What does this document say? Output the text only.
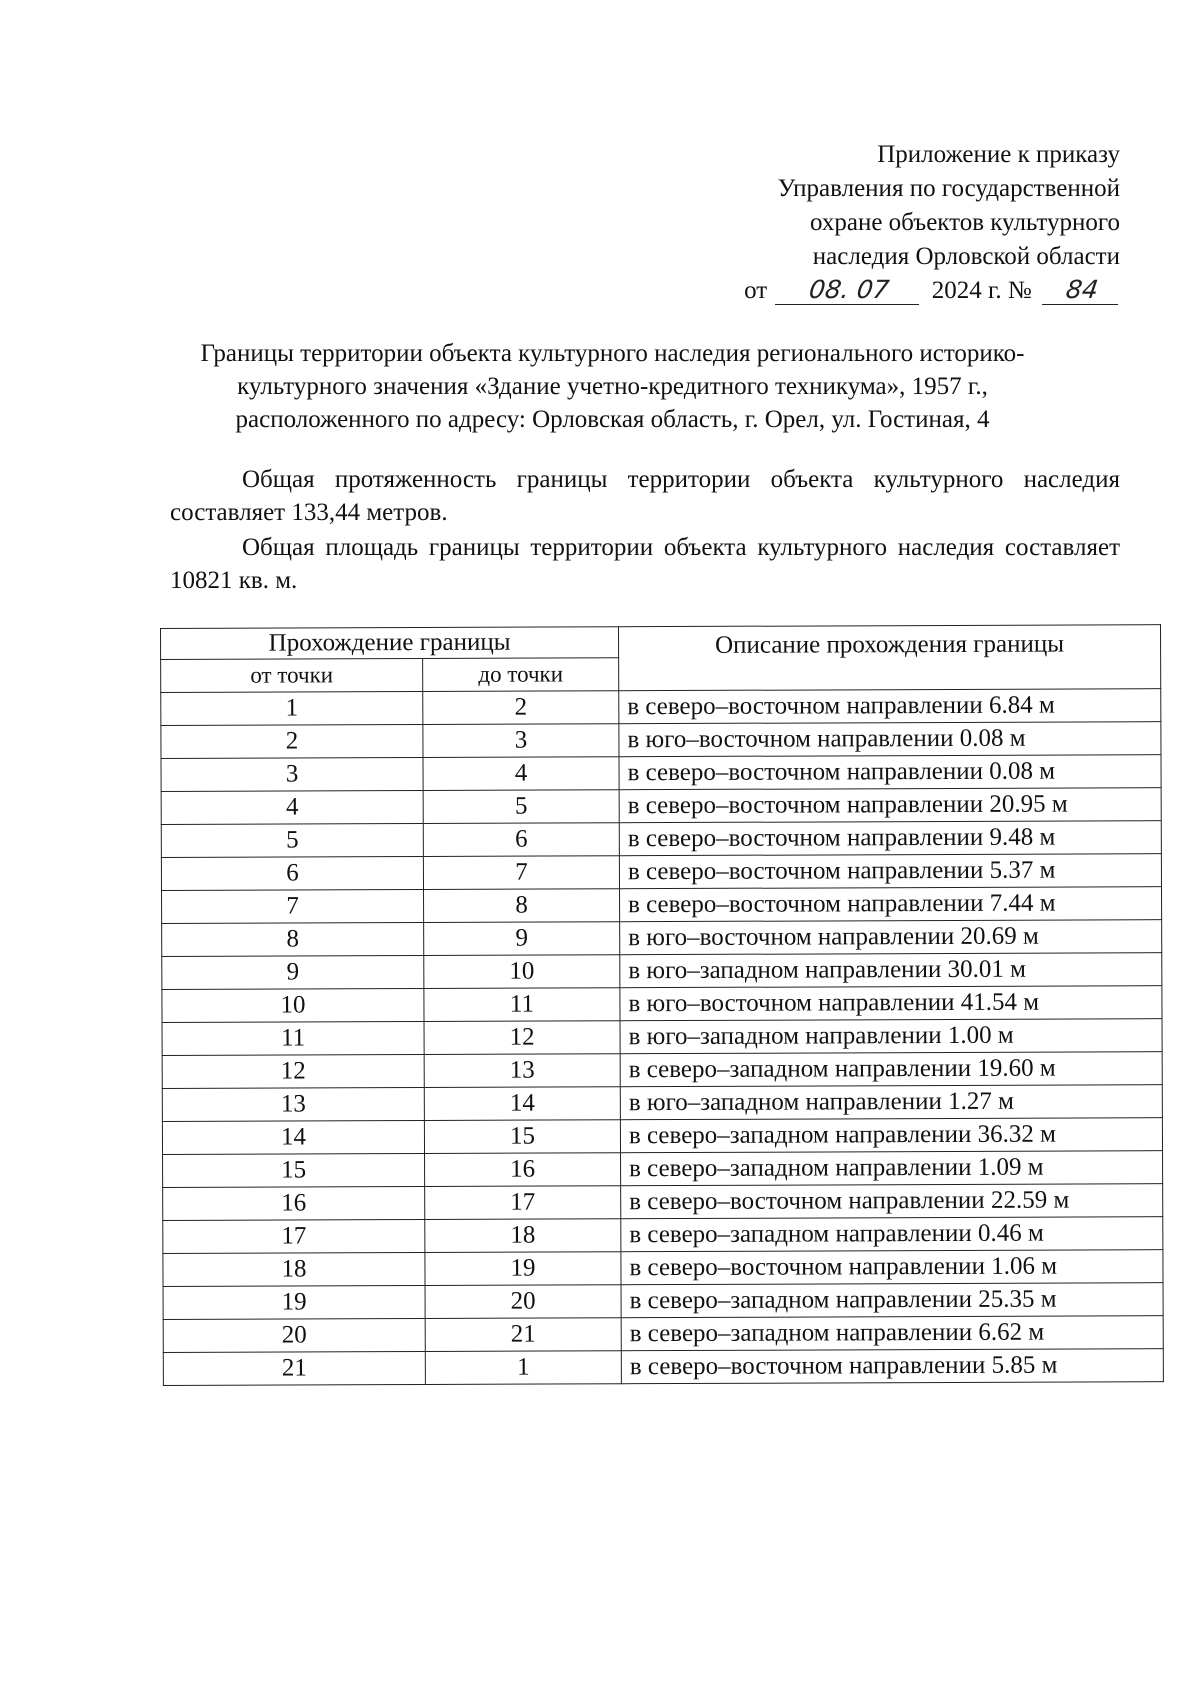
Приложение к приказу
Управления по государственной
охране объектов культурного
наследия Орловской области
от 08. 07 2024 г. № 84
Границы территории объекта культурного наследия регионального историко-
культурного значения «Здание учетно-кредитного техникума», 1957 г.,
расположенного по адресу: Орловская область, г. Орел, ул. Гостиная, 4
Общая протяженность границы территории объекта культурного наследия составляет 133,44 метров.
Общая площадь границы территории объекта культурного наследия составляет 10821 кв. м.
Прохождение границы		Описание прохождения границы
от точки	до точки	
1	2	в северо–восточном направлении 6.84 м
2	3	в юго–восточном направлении 0.08 м
3	4	в северо–восточном направлении 0.08 м
4	5	в северо–восточном направлении 20.95 м
5	6	в северо–восточном направлении 9.48 м
6	7	в северо–восточном направлении 5.37 м
7	8	в северо–восточном направлении 7.44 м
8	9	в юго–восточном направлении 20.69 м
9	10	в юго–западном направлении 30.01 м
10	11	в юго–восточном направлении 41.54 м
11	12	в юго–западном направлении 1.00 м
12	13	в северо–западном направлении 19.60 м
13	14	в юго–западном направлении 1.27 м
14	15	в северо–западном направлении 36.32 м
15	16	в северо–западном направлении 1.09 м
16	17	в северо–восточном направлении 22.59 м
17	18	в северо–западном направлении 0.46 м
18	19	в северо–восточном направлении 1.06 м
19	20	в северо–западном направлении 25.35 м
20	21	в северо–западном направлении 6.62 м
21	1	в северо–восточном направлении 5.85 м
